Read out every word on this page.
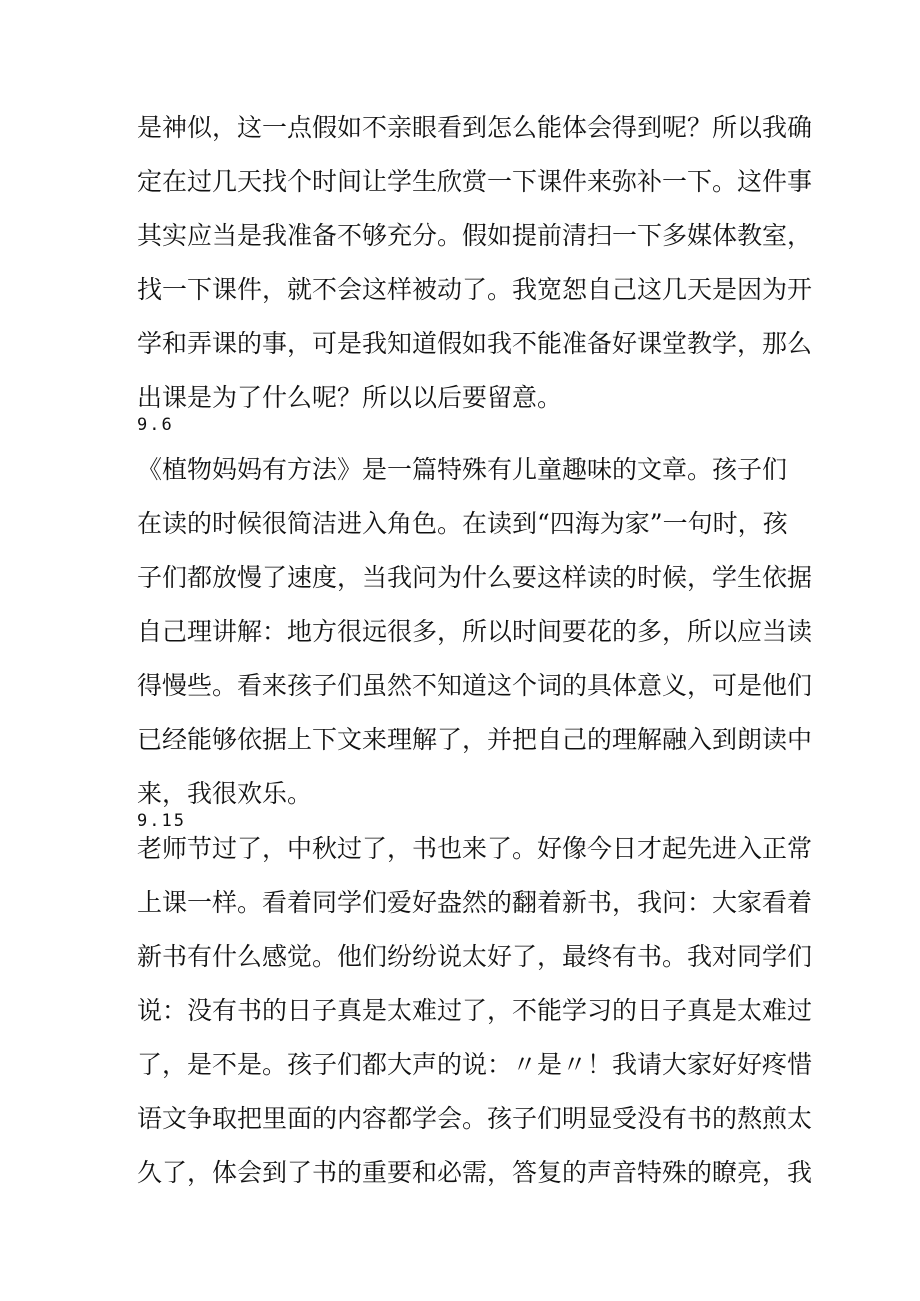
是神似，这一点假如不亲眼看到怎么能体会得到呢？所以我确
定在过几天找个时间让学生欣赏一下课件来弥补一下。这件事
其实应当是我准备不够充分。假如提前清扫一下多媒体教室，
找一下课件，就不会这样被动了。我宽恕自己这几天是因为开
学和弄课的事，可是我知道假如我不能准备好课堂教学，那么
出课是为了什么呢？所以以后要留意。
9.6
《植物妈妈有方法》是一篇特殊有儿童趣味的文章。孩子们
在读的时候很简洁进入角色。在读到“四海为家”一句时，孩
子们都放慢了速度，当我问为什么要这样读的时候，学生依据
自己理讲解：地方很远很多，所以时间要花的多，所以应当读
得慢些。看来孩子们虽然不知道这个词的具体意义，可是他们
已经能够依据上下文来理解了，并把自己的理解融入到朗读中
来，我很欢乐。
9.15
老师节过了，中秋过了，书也来了。好像今日才起先进入正常
上课一样。看着同学们爱好盎然的翻着新书，我问：大家看着
新书有什么感觉。他们纷纷说太好了，最终有书。我对同学们
说：没有书的日子真是太难过了，不能学习的日子真是太难过
了，是不是。孩子们都大声的说：〃是〃！我请大家好好疼惜
语文争取把里面的内容都学会。孩子们明显受没有书的熬煎太
久了，体会到了书的重要和必需，答复的声音特殊的瞭亮，我
